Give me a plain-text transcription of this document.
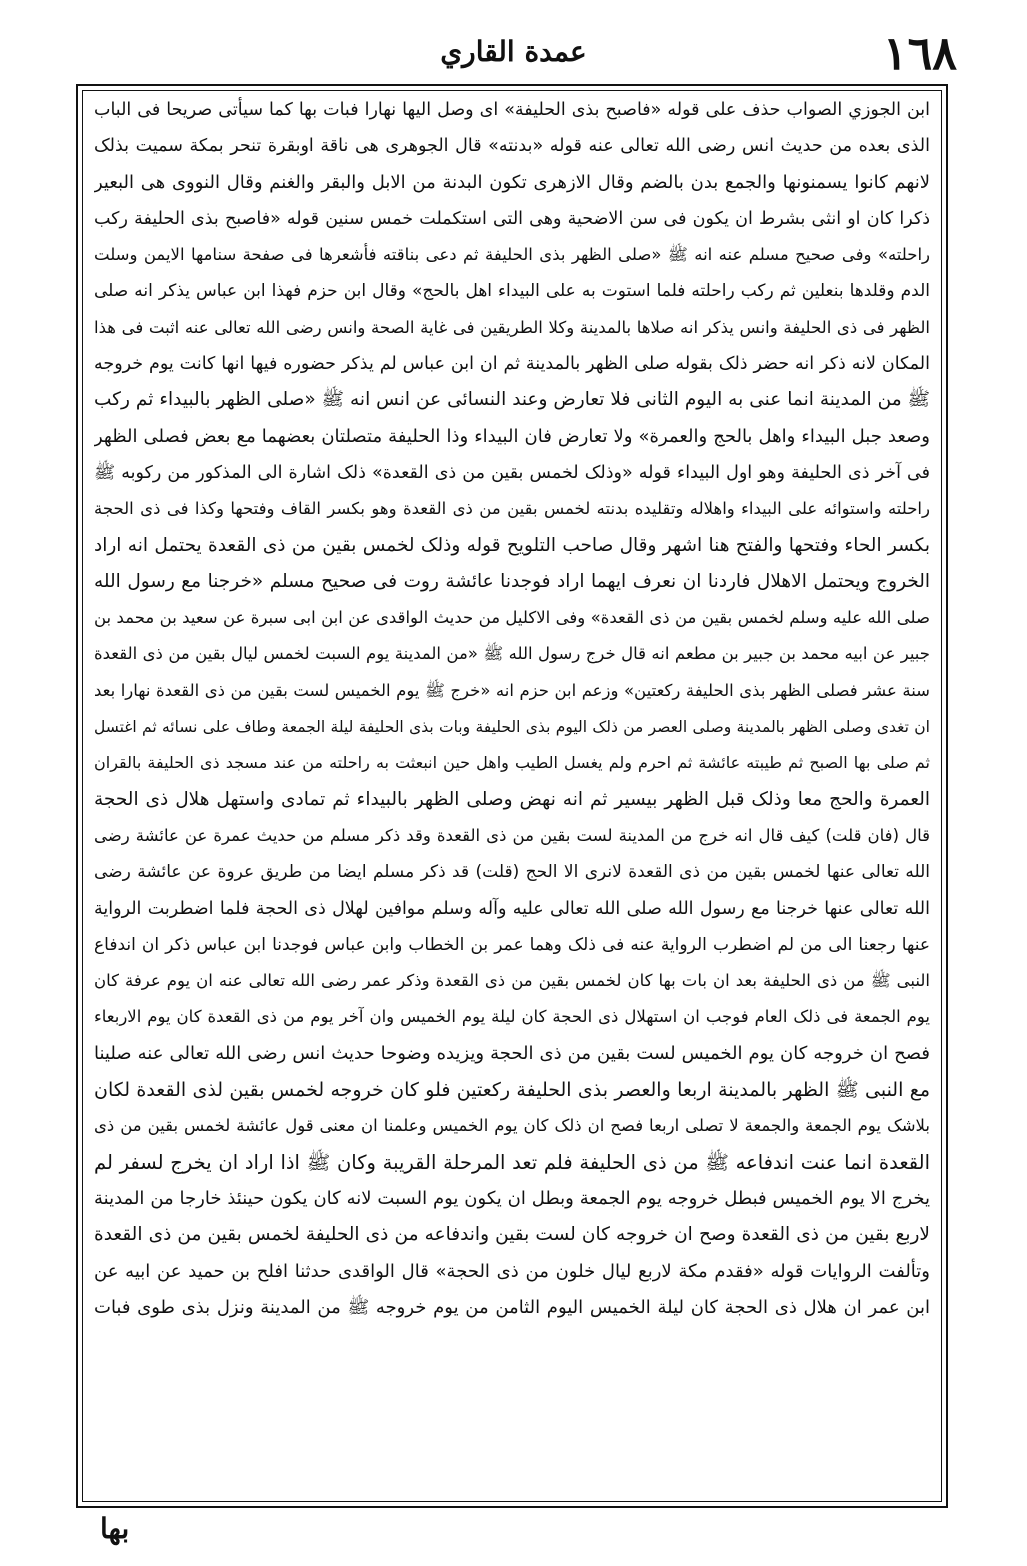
١٦٨
عمدة القاري
ابن الجوزي الصواب حذف علی قوله «فاصبح بذی الحلیفة» ای وصل الیها نهارا فبات بها کما سیأتی صریحا فی الباب
الذی بعده من حدیث انس رضی الله تعالی عنه قوله «بدنته» قال الجوهری هی ناقة اوبقرة تنحر بمکة سمیت بذلک
لانهم کانوا یسمنونها والجمع بدن بالضم وقال الازهری تکون البدنة من الابل والبقر والغنم وقال النووی هی البعیر
ذکرا کان او انثی بشرط ان یکون فی سن الاضحیة وهی التی استکملت خمس سنین قوله «فاصبح بذی الحلیفة رکب
راحلته» وفی صحیح مسلم عنه انه ﷺ «صلی الظهر بذی الحلیفة ثم دعی بناقته فأشعرها فی صفحة سنامها الایمن وسلت
الدم وقلدها بنعلین ثم رکب راحلته فلما استوت به علی البیداء اهل بالحج» وقال ابن حزم فهذا ابن عباس یذکر انه صلی
الظهر فی ذی الحلیفة وانس یذکر انه صلاها بالمدینة وکلا الطریقین فی غایة الصحة وانس رضی الله تعالی عنه اثبت فی هذا
المکان لانه ذکر انه حضر ذلک بقوله صلی الظهر بالمدینة ثم ان ابن عباس لم یذکر حضوره فیها انها کانت یوم خروجه
ﷺ من المدینة انما عنی به الیوم الثانی فلا تعارض وعند النسائی عن انس انه ﷺ «صلی الظهر بالبیداء ثم رکب
وصعد جبل البیداء واهل بالحج والعمرة» ولا تعارض فان البیداء وذا الحلیفة متصلتان بعضهما مع بعض فصلی الظهر
فی آخر ذی الحلیفة وهو اول البیداء قوله «وذلک لخمس بقین من ذی القعدة» ذلک اشارة الی المذکور من رکوبه ﷺ
راحلته واستوائه علی البیداء واهلاله وتقلیده بدنته لخمس بقین من ذی القعدة وهو بکسر القاف وفتحها وکذا فی ذی الحجة
بکسر الحاء وفتحها والفتح هنا اشهر وقال صاحب التلویح قوله وذلک لخمس بقین من ذی القعدة یحتمل انه اراد
الخروج ویحتمل الاهلال فاردنا ان نعرف ایهما اراد فوجدنا عائشة روت فی صحیح مسلم «خرجنا مع رسول الله
صلی الله علیه وسلم لخمس بقین من ذی القعدة» وفی الاکلیل من حدیث الواقدی عن ابن ابی سبرة عن سعید بن محمد بن
جبیر عن ابیه محمد بن جبیر بن مطعم انه قال خرج رسول الله ﷺ «من المدینة یوم السبت لخمس لیال بقین من ذی القعدة
سنة عشر فصلی الظهر بذی الحلیفة رکعتین» وزعم ابن حزم انه «خرج ﷺ یوم الخمیس لست بقین من ذی القعدة نهارا بعد
ان تغدی وصلی الظهر بالمدینة وصلی العصر من ذلک الیوم بذی الحلیفة وبات بذی الحلیفة لیلة الجمعة وطاف علی نسائه ثم اغتسل
ثم صلی بها الصبح ثم طیبته عائشة ثم احرم ولم یغسل الطیب واهل حین انبعثت به راحلته من عند مسجد ذی الحلیفة بالقران
العمرة والحج معا وذلک قبل الظهر بیسیر ثم انه نهض وصلی الظهر بالبیداء ثم تمادی واستهل هلال ذی الحجة
قال (فان قلت) کیف قال انه خرج من المدینة لست بقین من ذی القعدة وقد ذکر مسلم من حدیث عمرة عن عائشة رضی
الله تعالی عنها لخمس بقین من ذی القعدة لانری الا الحج (قلت) قد ذکر مسلم ایضا من طریق عروة عن عائشة رضی
الله تعالی عنها خرجنا مع رسول الله صلی الله تعالی علیه وآله وسلم موافین لهلال ذی الحجة فلما اضطربت الروایة
عنها رجعنا الی من لم اضطرب الروایة عنه فی ذلک وهما عمر بن الخطاب وابن عباس فوجدنا ابن عباس ذکر ان اندفاع
النبی ﷺ من ذی الحلیفة بعد ان بات بها کان لخمس بقین من ذی القعدة وذکر عمر رضی الله تعالی عنه ان یوم عرفة کان
یوم الجمعة فی ذلک العام فوجب ان استهلال ذی الحجة کان لیلة یوم الخمیس وان آخر یوم من ذی القعدة کان یوم الاربعاء
فصح ان خروجه کان یوم الخمیس لست بقین من ذی الحجة ویزیده وضوحا حدیث انس رضی الله تعالی عنه صلینا
مع النبی ﷺ الظهر بالمدینة اربعا والعصر بذی الحلیفة رکعتین فلو کان خروجه لخمس بقین لذی القعدة لکان
بلاشک یوم الجمعة والجمعة لا تصلی اربعا فصح ان ذلک کان یوم الخمیس وعلمنا ان معنی قول عائشة لخمس بقین من ذی
القعدة انما عنت اندفاعه ﷺ من ذی الحلیفة فلم تعد المرحلة القریبة وکان ﷺ اذا اراد ان یخرج لسفر لم
یخرج الا یوم الخمیس فبطل خروجه یوم الجمعة وبطل ان یکون یوم السبت لانه کان یکون حینئذ خارجا من المدینة
لاربع بقین من ذی القعدة وصح ان خروجه کان لست بقین واندفاعه من ذی الحلیفة لخمس بقین من ذی القعدة
وتألفت الروایات قوله «فقدم مکة لاربع لیال خلون من ذی الحجة» قال الواقدی حدثنا افلح بن حمید عن ابیه عن
ابن عمر ان هلال ذی الحجة کان لیلة الخمیس الیوم الثامن من یوم خروجه ﷺ من المدینة ونزل بذی طوی فبات
بها
